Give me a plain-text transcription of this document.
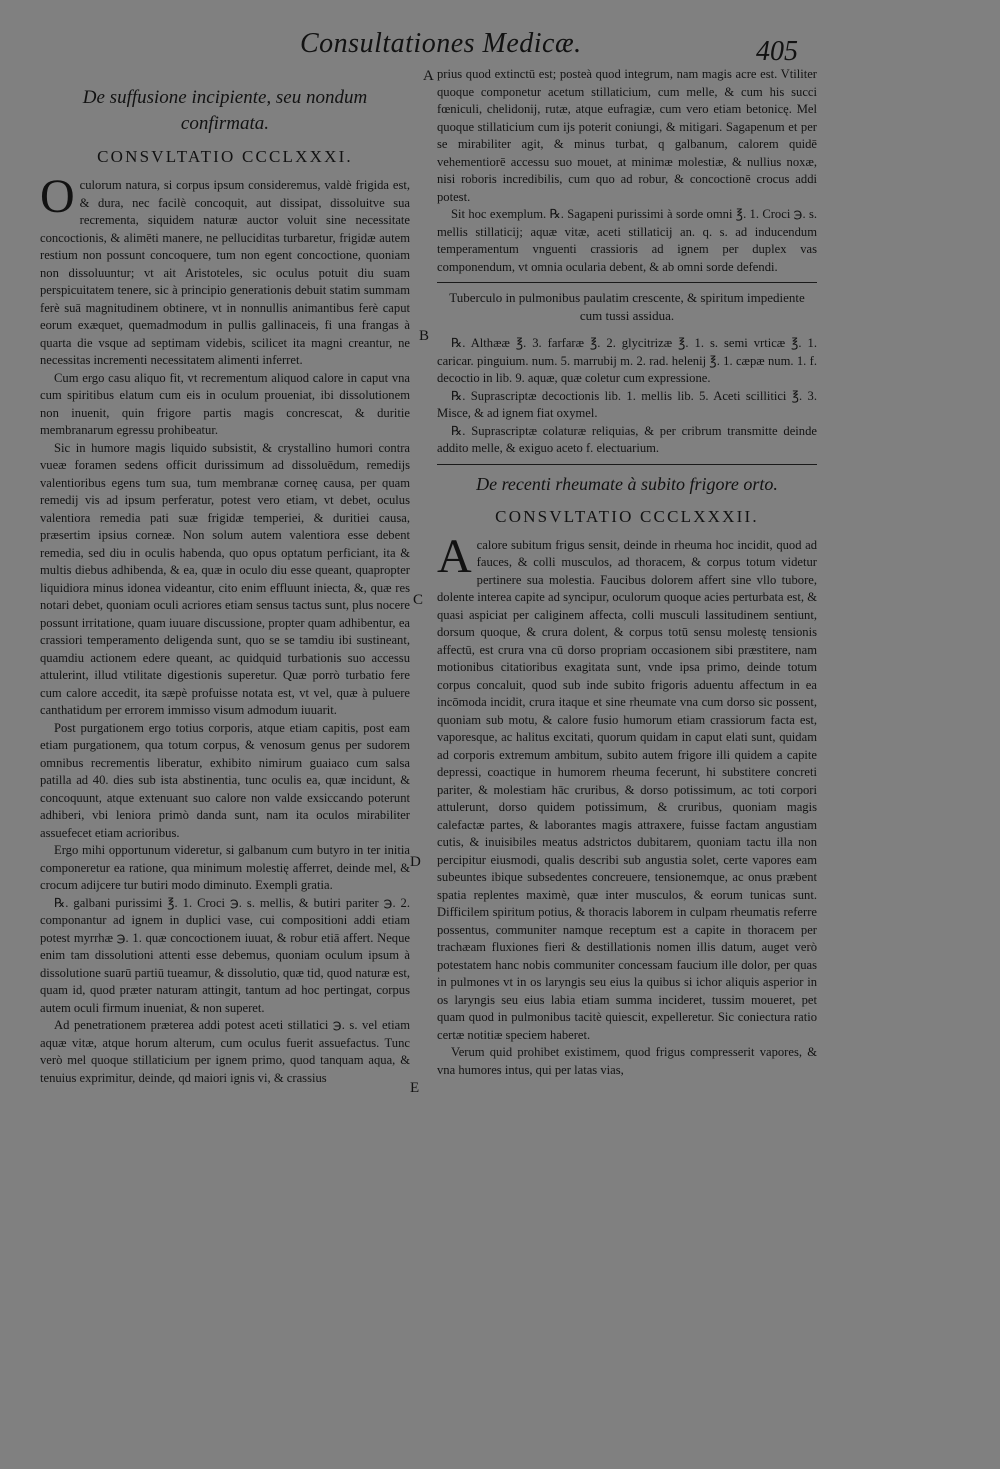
Consultationes Medicæ.	405
A
B
C
D
E
De suffusione incipiente, seu nondum confirmata.
CONSVLTATIO CCCLXXXI.

O culorum natura, si corpus ipsum consideremus, valdè frigida est, & dura, nec facilè concoquit, aut dissipat, dissoluitve sua recrementa, siquidem naturæ auctor voluit sine necessitate concoctionis, & alimēti manere, ne pelluciditas turbaretur, frigidæ autem restium non possunt concoquere, tum non egent concoctione, quoniam non dissoluuntur; vt ait Aristoteles, sic oculus potuit diu suam perspicuitatem tenere, sic à principio generationis debuit statim summam ferè suā magnitudinem obtinere, vt in nonnullis animantibus ferè caput eorum exæquet, quemadmodum in pullis gallinaceis, fi una frangas à quarta die vsque ad septimam videbis, scilicet ita magni creantur, ne necessitas incrementi necessitatem alimenti inferret.

Cum ergo casu aliquo fit, vt recrementum aliquod calore in caput vna cum spiritibus elatum cum eis in oculum proueniat, ibi dissolutionem non inuenit, quin frigore partis magis concrescat, & duritie membranarum egressu prohibeatur.

Sic in humore magis liquido subsistit, & crystallino humori contra vueæ foramen sedens officit durissimum ad dissoluēdum, remedijs valentioribus egens tum sua, tum membranæ corneę causa, per quam remedij vis ad ipsum perferatur, potest vero etiam, vt debet, oculus valentiora remedia pati suæ frigidæ temperiei, & duritiei causa, præsertim ipsius corneæ. Non solum autem valentiora esse debent remedia, sed diu in oculis habenda, quo opus optatum perficiant, ita & multis diebus adhibenda, & ea, quæ in oculo diu esse queant, quapropter liquidiora minus idonea videantur, cito enim effluunt iniecta, &, quæ res notari debet, quoniam oculi acriores etiam sensus tactus sunt, plus nocere possunt irritatione, quam iuuare discussione, propter quam adhibentur, ea crassiori temperamento deligenda sunt, quo se se tamdiu ibi sustineant, quamdiu actionem edere queant, ac quidquid turbationis suo accessu attulerint, illud vtilitate digestionis superetur. Quæ porrò turbatio fere cum calore accedit, ita sæpè profuisse notata est, vt vel, quæ à puluere canthatidum per errorem immisso visum admodum iuuarit.

Post purgationem ergo totius corporis, atque etiam capitis, post eam etiam purgationem, qua totum corpus, & venosum genus per sudorem omnibus recrementis liberatur, exhibito nimirum guaiaco cum salsa patilla ad 40. dies sub ista abstinentia, tunc oculis ea, quæ incidunt, & concoquunt, atque extenuant suo calore non valde exsiccando poterunt adhiberi, vbi leniora primò danda sunt, nam ita oculos mirabiliter assuefecet etiam acrioribus.

Ergo mihi opportunum videretur, si galbanum cum butyro in ter initia componeretur ea ratione, qua minimum molestię afferret, deinde mel, & crocum adijcere tur butiri modo diminuto. Exempli gratia.

℞. galbani purissimi ℥. 1. Croci ℈. s. mellis, & butiri pariter ℈. 2. componantur ad ignem in duplici vase, cui compositioni addi etiam potest myrrhæ ℈. 1. quæ concoctionem iuuat, & robur etiā affert. Neque enim tam dissolutioni attenti esse debemus, quoniam oculum ipsum à dissolutione suarū partiū tueamur, & dissolutio, quæ tid, quod naturæ est, quam id, quod præter naturam attingit, tantum ad hoc pertingat, corpus autem oculi firmum inueniat, & non superet.

Ad penetrationem præterea addi potest aceti stillatici ℈. s. vel etiam aquæ vitæ, atque horum alterum, cum oculus fuerit assuefactus. Tunc verò mel quoque stillaticium per ignem primo, quod tanquam aqua, & tenuius exprimitur, deinde, qd maiori ignis vi, & crassius

prius quod extinctū est; posteà quod integrum, nam magis acre est. Vtiliter quoque componetur acetum stillaticium, cum melle, & cum his succi fœniculi, chelidonij, rutæ, atque eufragiæ, cum vero etiam betonicę. Mel quoque stillaticium cum ijs poterit coniungi, & mitigari. Sagapenum et per se mirabiliter agit, & minus turbat, q galbanum, calorem quidē vehementiorē accessu suo mouet, at minimæ molestiæ, & nullius noxæ, nisi roboris incredibilis, cum quo ad robur, & concoctionē crocus addi potest.

Sit hoc exemplum. ℞. Sagapeni purissimi à sorde omni ℥. 1. Croci ℈. s. mellis stillaticij; aquæ vitæ, aceti stillaticij an. q. s. ad inducendum temperamentum vnguenti crassioris ad ignem per duplex vas componendum, vt omnia ocularia debent, & ab omni sorde defendi.

Tuberculo in pulmonibus paulatim crescente, & spiritum impediente cum tussi assidua.

℞. Althææ ℥. 3. farfaræ ℥. 2. glycitrizæ ℥. 1. s. semi vrticæ ℥. 1. caricar. pinguium. num. 5. marrubij m. 2. rad. helenij ℥. 1. cæpæ num. 1. f. decoctio in lib. 9. aquæ, quæ coletur cum expressione.

℞. Suprascriptæ decoctionis lib. 1. mellis lib. 5. Aceti scillitici ℥. 3. Misce, & ad ignem fiat oxymel.

℞. Suprascriptæ colaturæ reliquias, & per cribrum transmitte deinde addito melle, & exiguo aceto f. electuarium.

De recenti rheumate à subito frigore orto.
CONSVLTATIO CCCLXXXII.

A calore subitum frigus sensit, deinde in rheuma hoc incidit, quod ad fauces, & colli musculos, ad thoracem, & corpus totum videtur pertinere sua molestia. Faucibus dolorem affert sine vllo tubore, dolente interea capite ad syncipur, oculorum quoque acies perturbata est, & quasi aspiciat per caliginem affecta, colli musculi lassitudinem sentiunt, dorsum quoque, & crura dolent, & corpus totū sensu molestę tensionis affectū, est crura vna cū dorso propriam occasionem sibi præstitere, nam motionibus citatioribus exagitata sunt, vnde ipsa primo, deinde totum corpus concaluit, quod sub inde subito frigoris aduentu affectum in ea incōmoda incidit, crura itaque et sine rheumate vna cum dorso sic possent, quoniam sub motu, & calore fusio humorum etiam crassiorum facta est, vaporesque, ac halitus excitati, quorum quidam in caput elati sunt, quidam ad corporis extremum ambitum, subito autem frigore illi quidem a capite depressi, coactique in humorem rheuma fecerunt, hi substitere concreti pariter, & molestiam hāc cruribus, & dorso potissimum, ac toti corpori attulerunt, dorso quidem potissimum, & cruribus, quoniam magis calefactæ partes, & laborantes magis attraxere, fuisse factam angustiam cutis, & inuisibiles meatus adstrictos dubitarem, quoniam tactu illa non percipitur eiusmodi, qualis describi sub angustia solet, certe vapores eam subeuntes ibique subsedentes concreuere, tensionemque, ac onus præbent spatia replentes maximè, quæ inter musculos, & eorum tunicas sunt. Difficilem spiritum potius, & thoracis laborem in culpam rheumatis referre possentus, communiter namque receptum est a capite in thoracem per trachæam fluxiones fieri & destillationis nomen illis datum, auget verò potestatem hanc nobis communiter concessam faucium ille dolor, per quas in pulmones vt in os laryngis seu eius la quibus si ichor aliquis asperior in os laryngis seu eius labia etiam summa incideret, tussim moueret, pet quam quod in pulmonibus tacitè quiescit, expelleretur. Sic coniectura ratio certæ notitiæ speciem haberet.

Verum quid prohibet existimem, quod frigus compresserit vapores, & vna humores intus, qui per latas vias,
